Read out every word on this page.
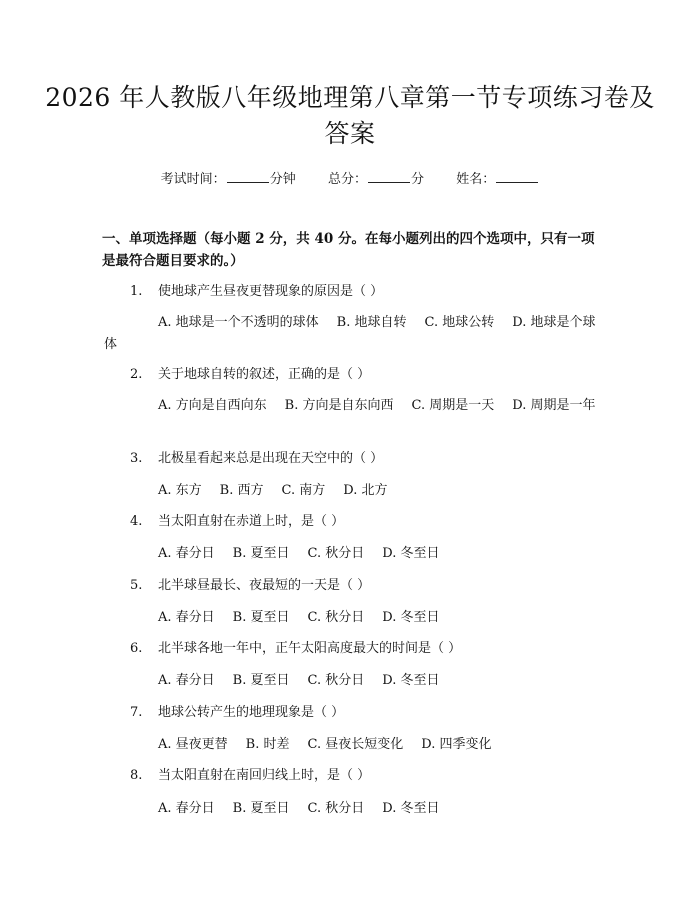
2026 年人教版八年级地理第八章第一节专项练习卷及答案
考试时间：	分钟 总分：	分 姓名：
一、单项选择题（每小题 2 分，共 40 分。在每小题列出的四个选项中，只有一项是最符合题目要求的。）
1. 使地球产生昼夜更替现象的原因是（ ）
A. 地球是一个不透明的球体 B. 地球自转 C. 地球公转 D. 地球是个球体
2. 关于地球自转的叙述，正确的是（ ）
A. 方向是自西向东 B. 方向是自东向西 C. 周期是一天 D. 周期是一年
3. 北极星看起来总是出现在天空中的（ ）
A. 东方 B. 西方 C. 南方 D. 北方
4. 当太阳直射在赤道上时，是（ ）
A. 春分日 B. 夏至日 C. 秋分日 D. 冬至日
5. 北半球昼最长、夜最短的一天是（ ）
A. 春分日 B. 夏至日 C. 秋分日 D. 冬至日
6. 北半球各地一年中，正午太阳高度最大的时间是（ ）
A. 春分日 B. 夏至日 C. 秋分日 D. 冬至日
7. 地球公转产生的地理现象是（ ）
A. 昼夜更替 B. 时差 C. 昼夜长短变化 D. 四季变化
8. 当太阳直射在南回归线上时，是（ ）
A. 春分日 B. 夏至日 C. 秋分日 D. 冬至日
